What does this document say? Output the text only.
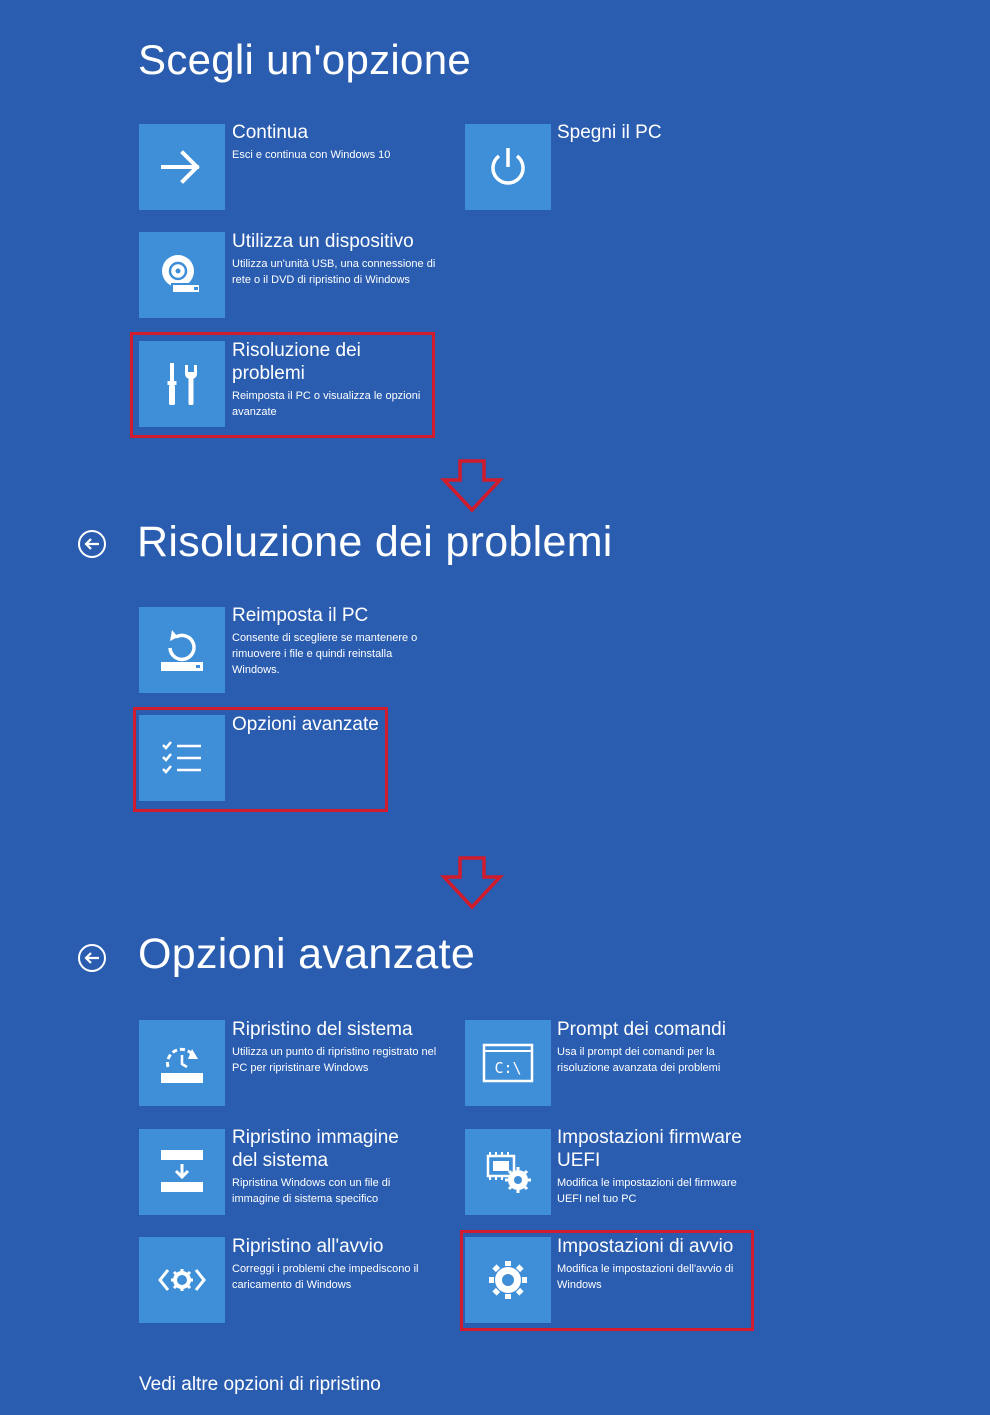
Scegli un'opzione
Continua
Esci e continua con Windows 10
Spegni il PC
Utilizza un dispositivo
Utilizza un'unità USB, una connessione di rete o il DVD di ripristino di Windows
Risoluzione dei problemi
Reimposta il PC o visualizza le opzioni avanzate
Risoluzione dei problemi
Reimposta il PC
Consente di scegliere se mantenere o rimuovere i file e quindi reinstalla Windows.
Opzioni avanzate
Opzioni avanzate
Ripristino del sistema
Utilizza un punto di ripristino registrato nel PC per ripristinare Windows	C:\
Prompt dei comandi
Usa il prompt dei comandi per la risoluzione avanzata dei problemi
Ripristino immagine del sistema
Ripristina Windows con un file di immagine di sistema specifico
Impostazioni firmware UEFI
Modifica le impostazioni del firmware UEFI nel tuo PC
Ripristino all'avvio
Correggi i problemi che impediscono il caricamento di Windows
Impostazioni di avvio
Modifica le impostazioni dell'avvio di Windows
Vedi altre opzioni di ripristino
